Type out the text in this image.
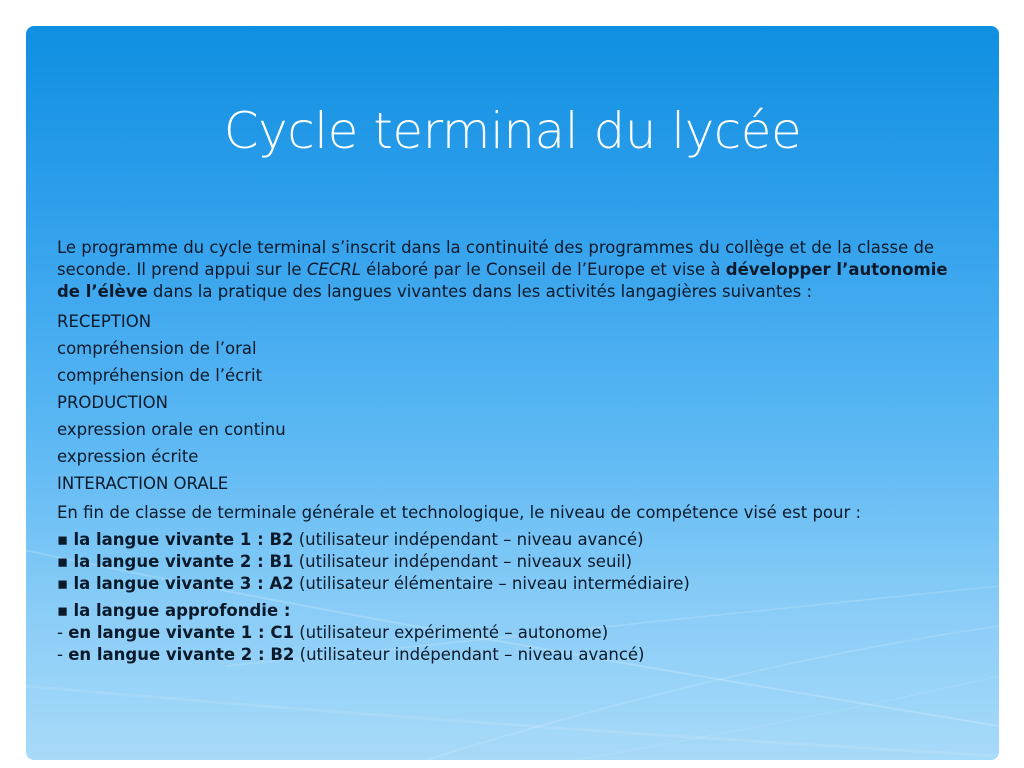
Cycle terminal du lycée

Le programme du cycle terminal s’inscrit dans la continuité des programmes du collège et de la classe de seconde. Il prend appui sur le CECRL élaboré par le Conseil de l’Europe et vise à développer l’autonomie de l’élève dans la pratique des langues vivantes dans les activités langagières suivantes :

RECEPTION

compréhension de l’oral

compréhension de l’écrit

PRODUCTION

expression orale en continu

expression écrite

INTERACTION ORALE

En fin de classe de terminale générale et technologique, le niveau de compétence visé est pour :

▪ la langue vivante 1 : B2 (utilisateur indépendant – niveau avancé)

▪ la langue vivante 2 : B1 (utilisateur indépendant – niveaux seuil)

▪ la langue vivante 3 : A2 (utilisateur élémentaire – niveau intermédiaire)

▪ la langue approfondie :

- en langue vivante 1 : C1 (utilisateur expérimenté – autonome)

- en langue vivante 2 : B2 (utilisateur indépendant – niveau avancé)
